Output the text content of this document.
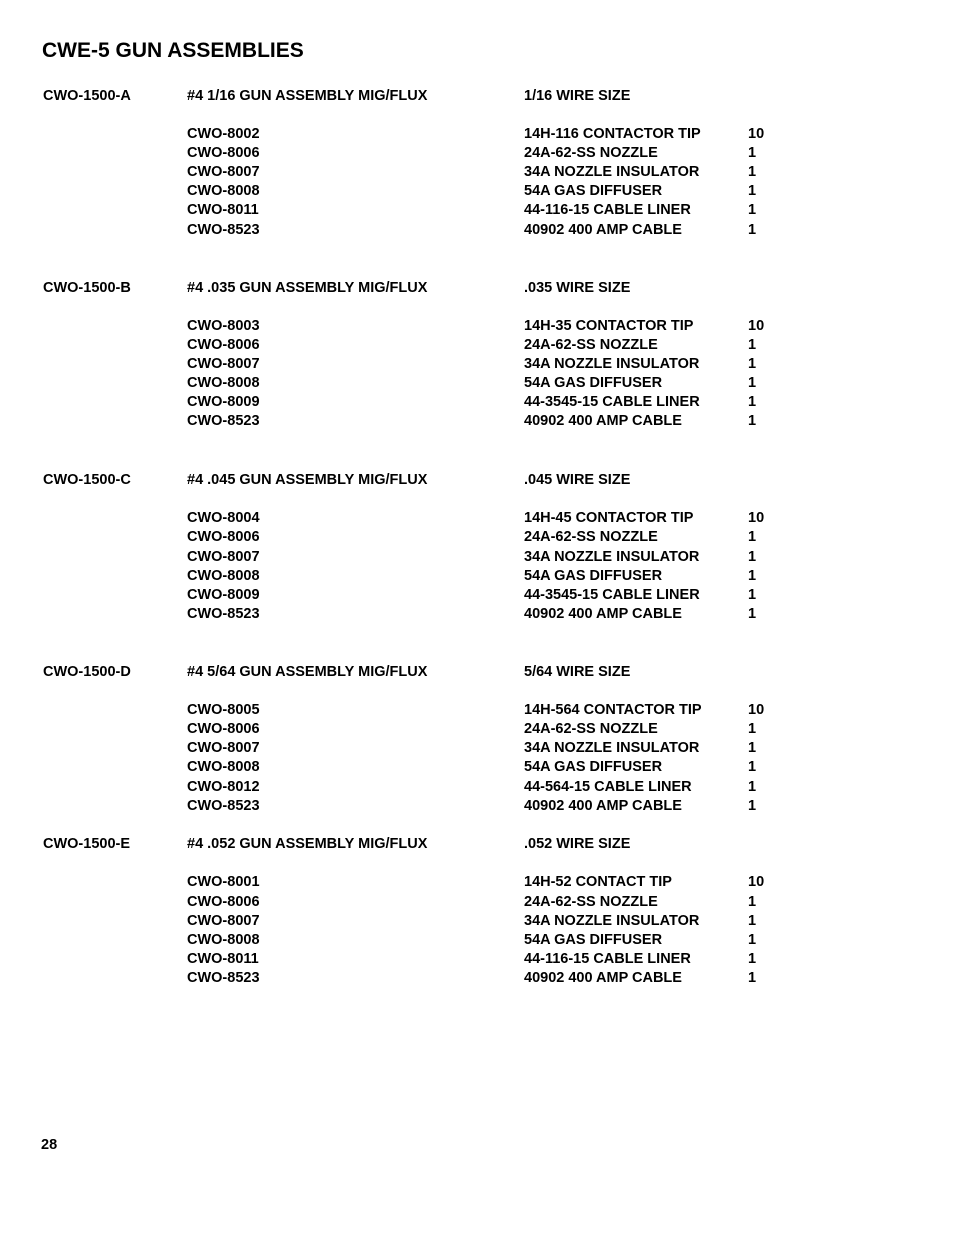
CWE-5 GUN ASSEMBLIES
CWO-1500-A	#4 1/16 GUN ASSEMBLY MIG/FLUX	1/16 WIRE SIZE
CWO-8002	14H-116 CONTACTOR TIP	10
CWO-8006	24A-62-SS NOZZLE	1
CWO-8007	34A NOZZLE INSULATOR	1
CWO-8008	54A GAS DIFFUSER	1
CWO-8011	44-116-15 CABLE LINER	1
CWO-8523	40902 400 AMP CABLE	1
CWO-1500-B	#4 .035 GUN ASSEMBLY MIG/FLUX	.035 WIRE SIZE
CWO-8003	14H-35 CONTACTOR TIP	10
CWO-8006	24A-62-SS NOZZLE	1
CWO-8007	34A NOZZLE INSULATOR	1
CWO-8008	54A GAS DIFFUSER	1
CWO-8009	44-3545-15 CABLE LINER	1
CWO-8523	40902 400 AMP CABLE	1
CWO-1500-C	#4 .045 GUN ASSEMBLY MIG/FLUX	.045 WIRE SIZE
CWO-8004	14H-45 CONTACTOR TIP	10
CWO-8006	24A-62-SS NOZZLE	1
CWO-8007	34A NOZZLE INSULATOR	1
CWO-8008	54A GAS DIFFUSER	1
CWO-8009	44-3545-15 CABLE LINER	1
CWO-8523	40902 400 AMP CABLE	1
CWO-1500-D	#4 5/64 GUN ASSEMBLY MIG/FLUX	5/64 WIRE SIZE
CWO-8005	14H-564 CONTACTOR TIP	10
CWO-8006	24A-62-SS NOZZLE	1
CWO-8007	34A NOZZLE INSULATOR	1
CWO-8008	54A GAS DIFFUSER	1
CWO-8012	44-564-15 CABLE LINER	1
CWO-8523	40902 400 AMP CABLE	1
CWO-1500-E	#4 .052 GUN ASSEMBLY MIG/FLUX	.052 WIRE SIZE
CWO-8001	14H-52 CONTACT TIP	10
CWO-8006	24A-62-SS NOZZLE	1
CWO-8007	34A NOZZLE INSULATOR	1
CWO-8008	54A GAS DIFFUSER	1
CWO-8011	44-116-15 CABLE LINER	1
CWO-8523	40902 400 AMP CABLE	1
28
